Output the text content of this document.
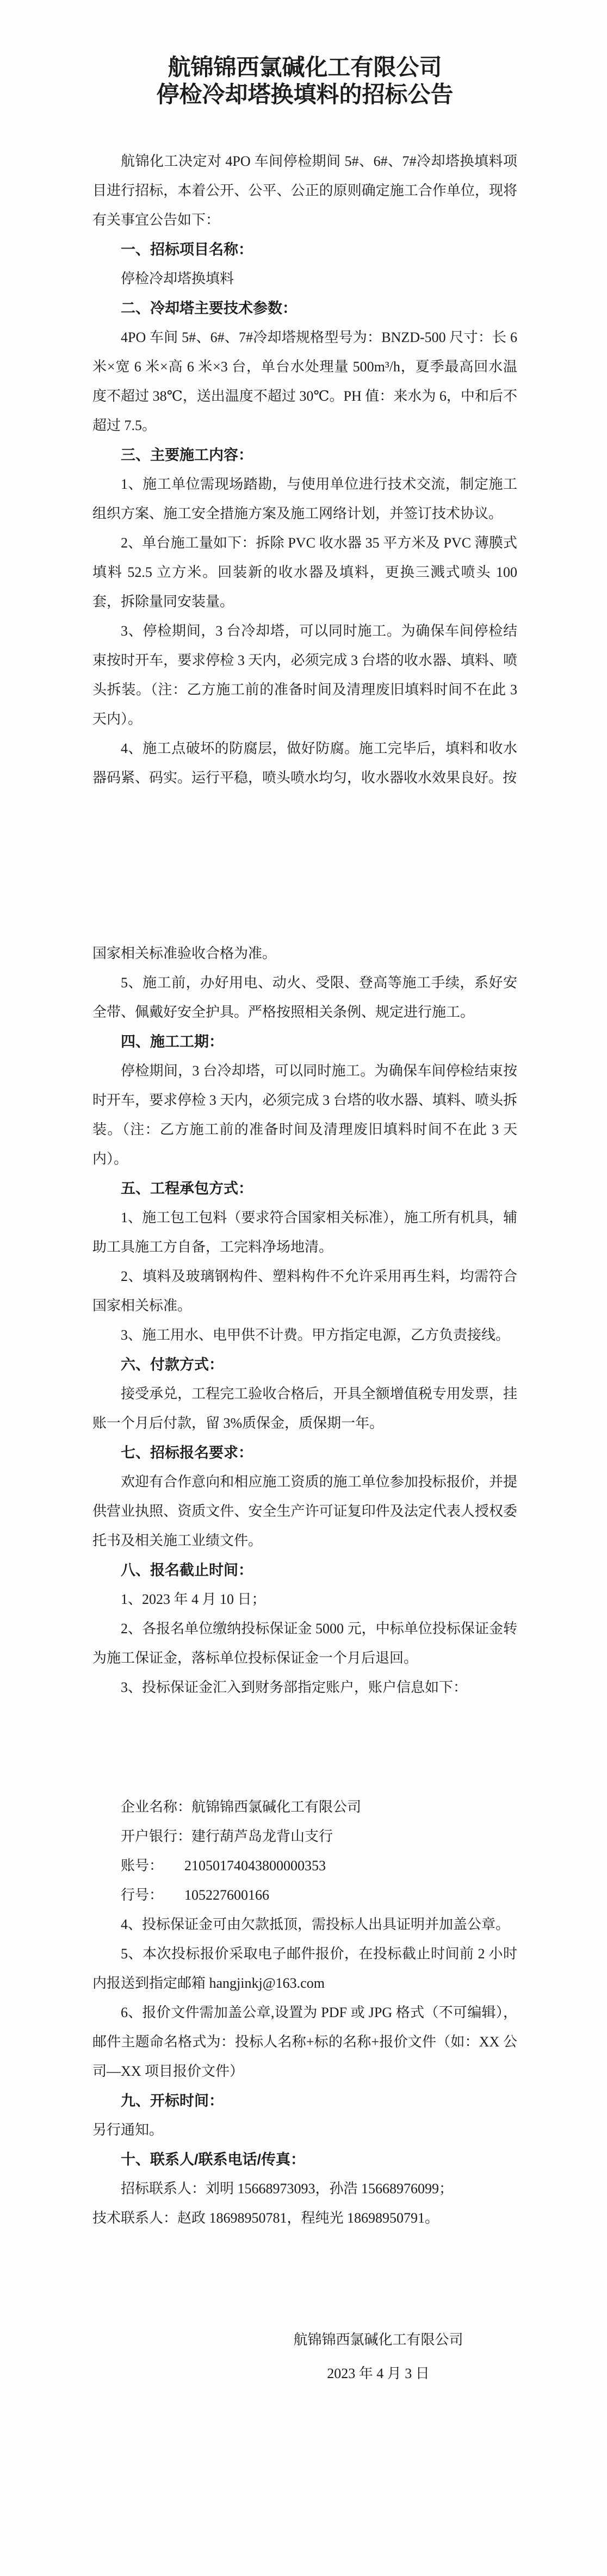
航锦锦西氯碱化工有限公司

停检冷却塔换填料的招标公告

航锦化工决定对 4PO 车间停检期间 5#、6#、7#冷却塔换填料项目进行招标，本着公开、公平、公正的原则确定施工合作单位，现将有关事宜公告如下：

一、招标项目名称：

停检冷却塔换填料

二、冷却塔主要技术参数：

4PO 车间 5#、6#、7#冷却塔规格型号为：BNZD-500 尺寸：长 6 米×宽 6 米×高 6 米×3 台，单台水处理量 500m³/h，夏季最高回水温度不超过 38℃，送出温度不超过 30℃。PH 值：来水为 6，中和后不超过 7.5。

三、主要施工内容：

1、施工单位需现场踏勘，与使用单位进行技术交流，制定施工组织方案、施工安全措施方案及施工网络计划，并签订技术协议。

2、单台施工量如下：拆除 PVC 收水器 35 平方米及 PVC 薄膜式填料 52.5 立方米。回装新的收水器及填料，更换三溅式喷头 100 套，拆除量同安装量。

3、停检期间，3 台冷却塔，可以同时施工。为确保车间停检结束按时开车，要求停检 3 天内，必须完成 3 台塔的收水器、填料、喷头拆装。（注：乙方施工前的准备时间及清理废旧填料时间不在此 3 天内）。

4、施工点破坏的防腐层，做好防腐。施工完毕后，填料和收水器码紧、码实。运行平稳，喷头喷水均匀，收水器收水效果良好。按

国家相关标准验收合格为准。

5、施工前，办好用电、动火、受限、登高等施工手续，系好安全带、佩戴好安全护具。严格按照相关条例、规定进行施工。

四、施工工期：

停检期间，3 台冷却塔，可以同时施工。为确保车间停检结束按时开车，要求停检 3 天内，必须完成 3 台塔的收水器、填料、喷头拆装。（注：乙方施工前的准备时间及清理废旧填料时间不在此 3 天内）。

五、工程承包方式：

1、施工包工包料（要求符合国家相关标准），施工所有机具，辅助工具施工方自备，工完料净场地清。

2、填料及玻璃钢构件、塑料构件不允许采用再生料，均需符合国家相关标准。

3、施工用水、电甲供不计费。甲方指定电源，乙方负责接线。

六、付款方式：

接受承兑，工程完工验收合格后，开具全额增值税专用发票，挂账一个月后付款，留 3%质保金，质保期一年。

七、招标报名要求：

欢迎有合作意向和相应施工资质的施工单位参加投标报价，并提供营业执照、资质文件、安全生产许可证复印件及法定代表人授权委托书及相关施工业绩文件。

八、报名截止时间：

1、2023 年 4 月 10 日；

2、各报名单位缴纳投标保证金 5000 元，中标单位投标保证金转为施工保证金，落标单位投标保证金一个月后退回。

3、投标保证金汇入到财务部指定账户，账户信息如下：

企业名称：航锦锦西氯碱化工有限公司

开户银行：建行葫芦岛龙背山支行

账号：　　21050174043800000353

行号：　　105227600166

4、投标保证金可由欠款抵顶，需投标人出具证明并加盖公章。

5、本次投标报价采取电子邮件报价，在投标截止时间前 2 小时内报送到指定邮箱 hangjinkj@163.com

6、报价文件需加盖公章,设置为 PDF 或 JPG 格式（不可编辑），邮件主题命名格式为：投标人名称+标的名称+报价文件（如：XX 公司—XX 项目报价文件）

九、开标时间：

另行通知。

十、联系人/联系电话/传真：

招标联系人：刘明 15668973093，孙浩 15668976099；

技术联系人：赵政 18698950781，程纯光 18698950791。

航锦锦西氯碱化工有限公司

2023 年 4 月 3 日
